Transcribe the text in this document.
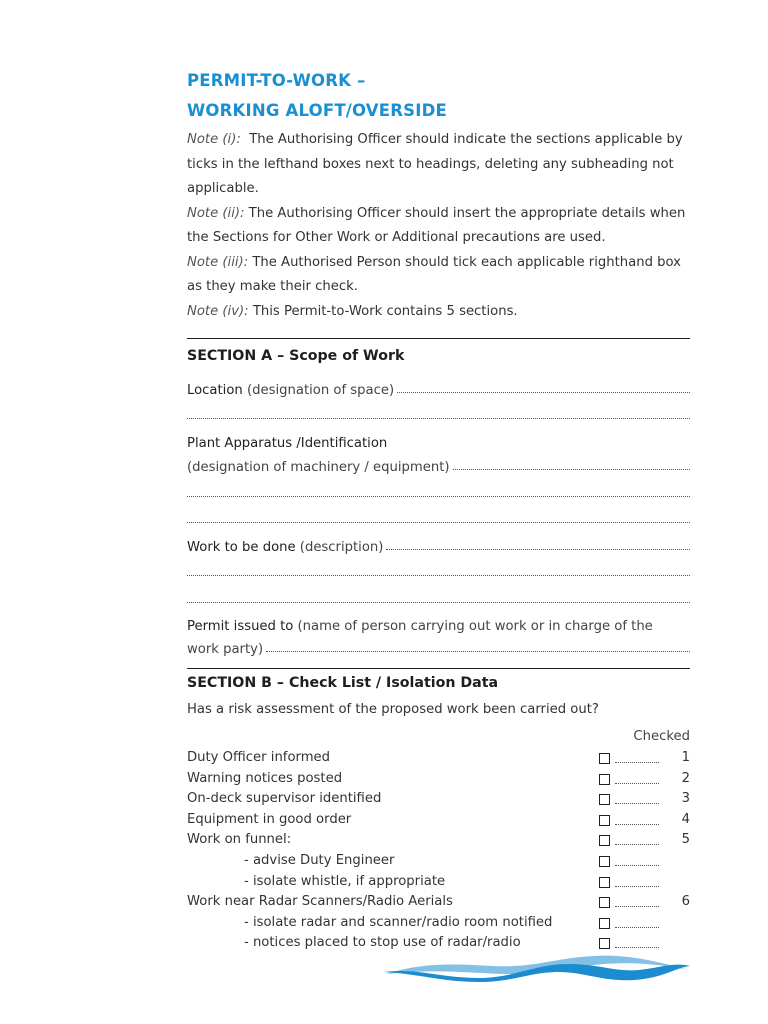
PERMIT-TO-WORK –
WORKING ALOFT/OVERSIDE

Note (i):  The Authorising Officer should indicate the sections applicable by ticks in the lefthand boxes next to headings, deleting any subheading not applicable.

Note (ii): The Authorising Officer should insert the appropriate details when the Sections for Other Work or Additional precautions are used.

Note (iii): The Authorised Person should tick each applicable righthand box as they make their check.

Note (iv): This Permit-to-Work contains 5 sections.

SECTION A – Scope of Work
Location (designation of space)
Plant Apparatus /Identification
(designation of machinery / equipment)
Work to be done (description)
Permit issued to (name of person carrying out work or in charge of the
work party)
SECTION B – Check List / Isolation Data

Has a risk assessment of the proposed work been carried out?

Checked
Duty Officer informed	1
Warning notices posted	2
On-deck supervisor identified	3
Equipment in good order	4
Work on funnel:	5
- advise Duty Engineer
- isolate whistle, if appropriate
Work near Radar Scanners/Radio Aerials	6
- isolate radar and scanner/radio room notified
- notices placed to stop use of radar/radio
